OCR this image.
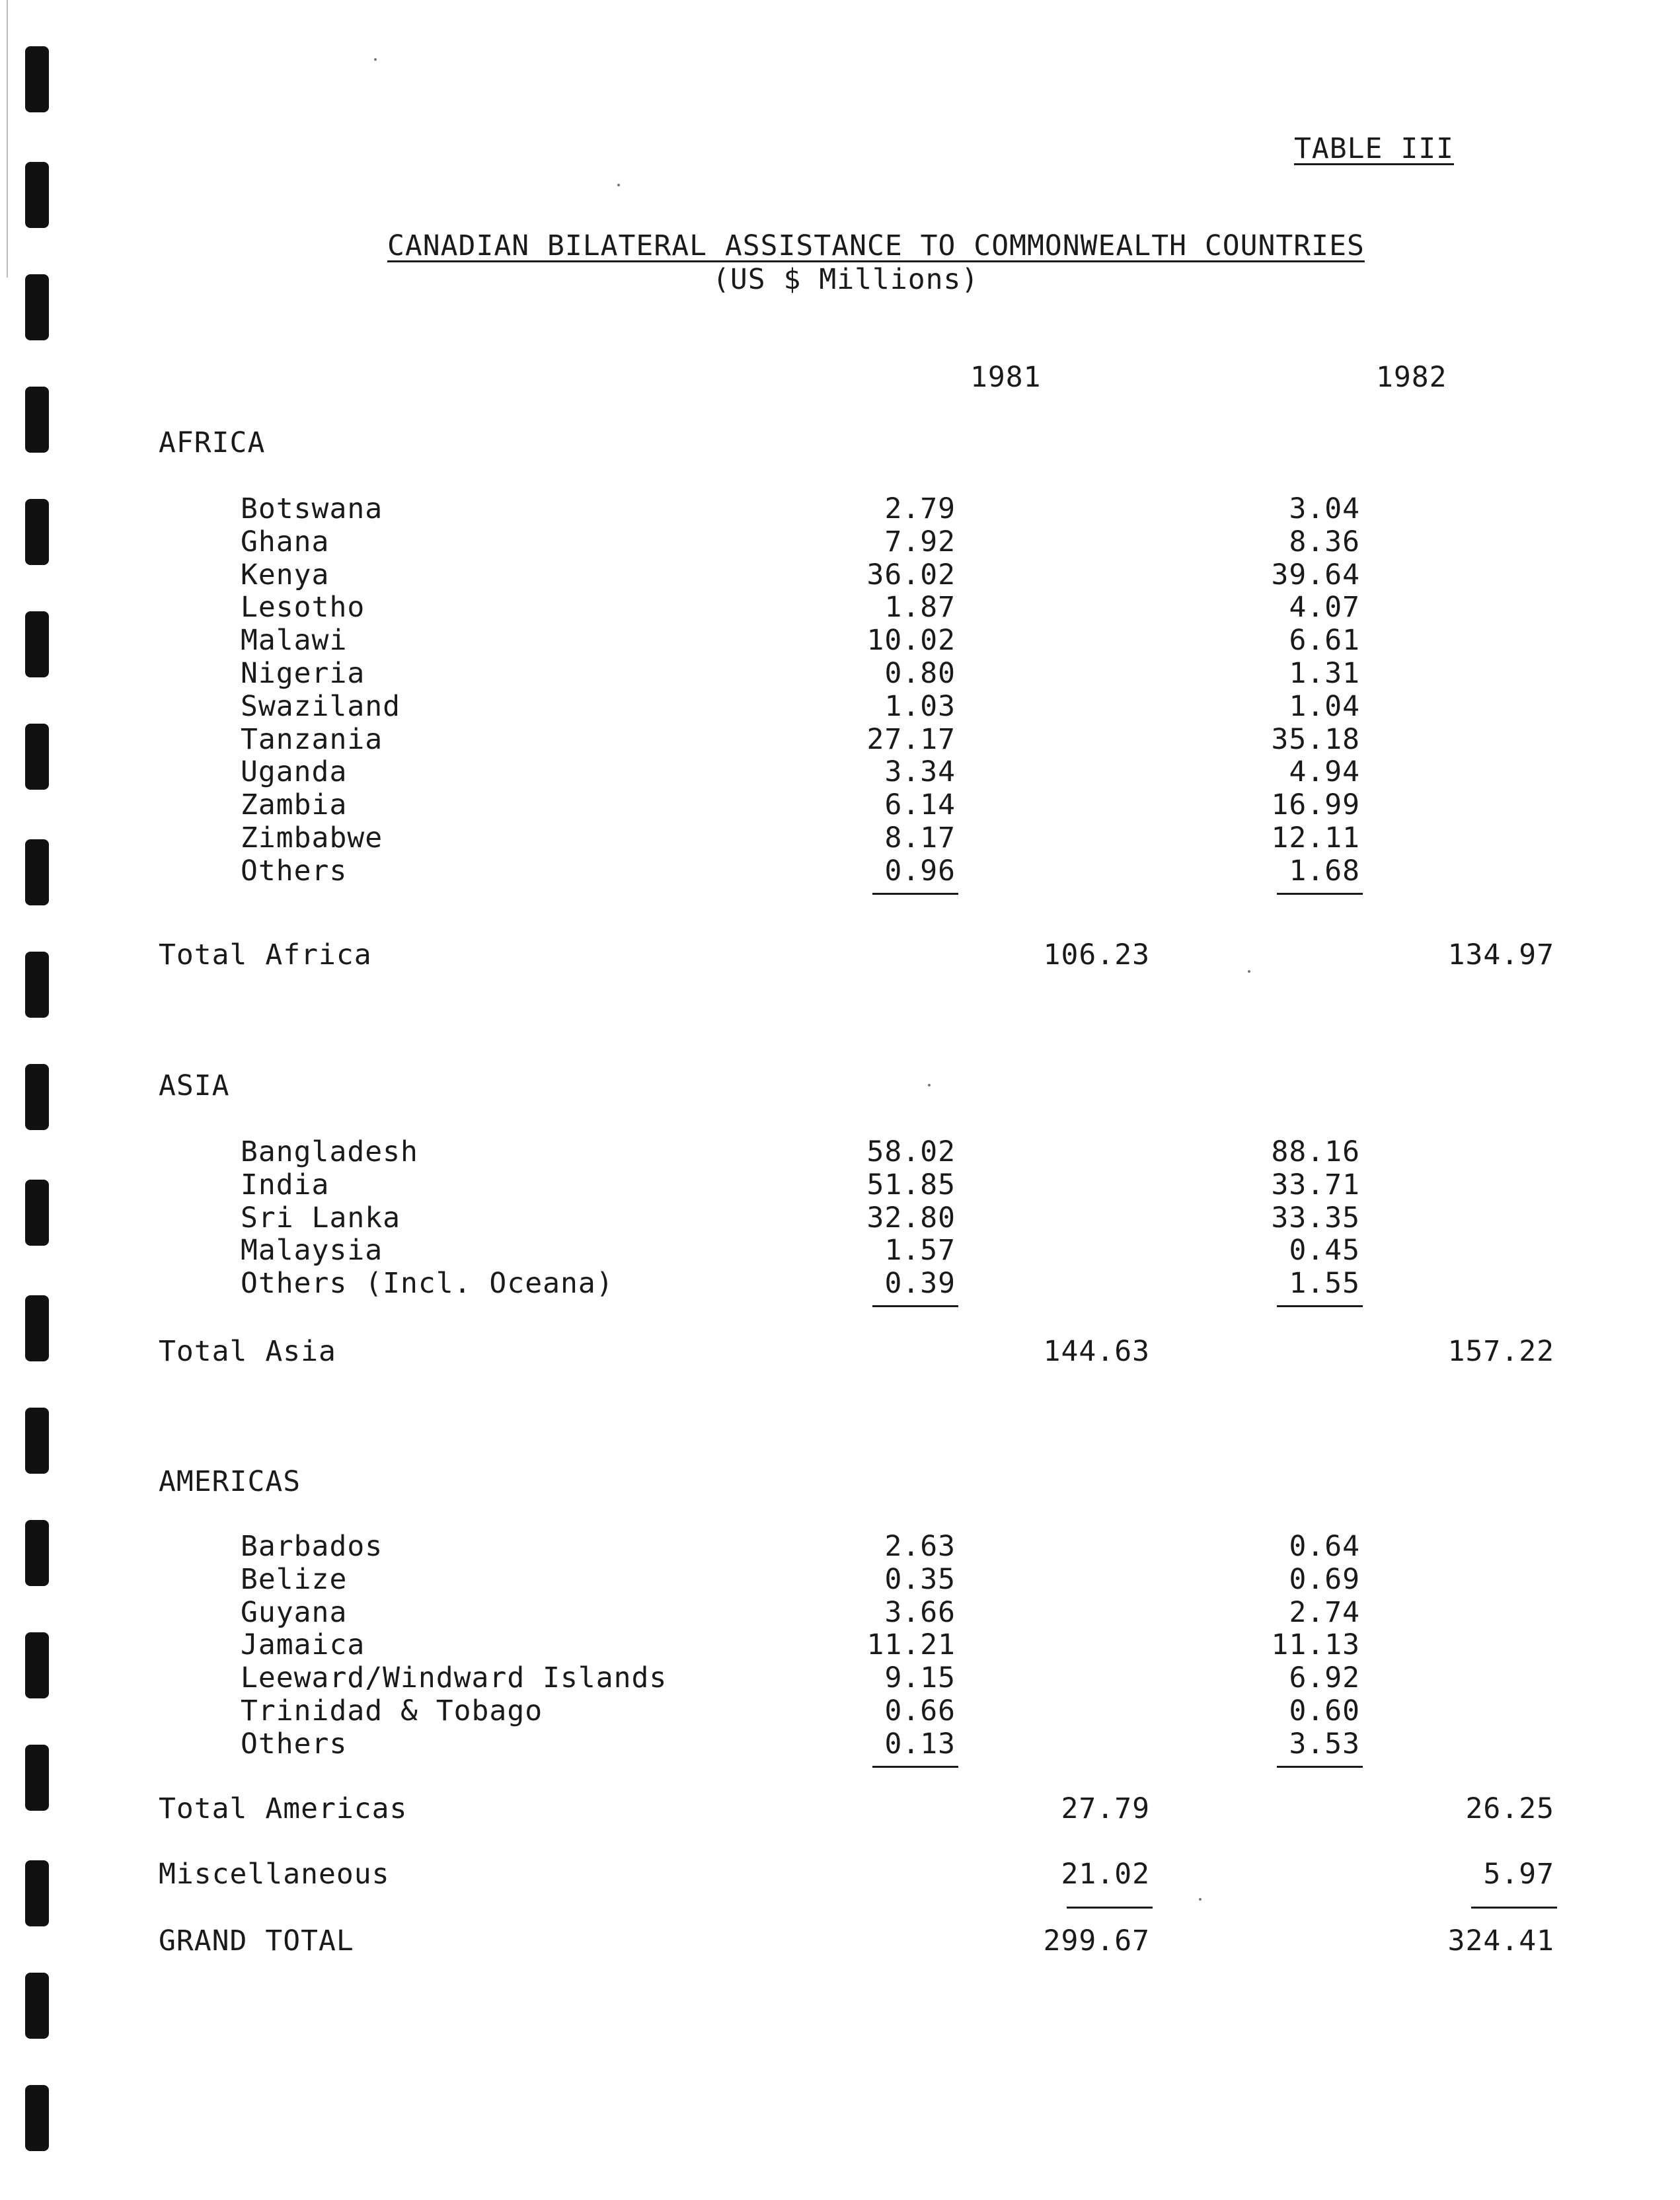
TABLE III
CANADIAN BILATERAL ASSISTANCE TO COMMONWEALTH COUNTRIES
(US $ Millions)
1981	1982
AFRICA
Botswana	2.79	3.04
Ghana	7.92	8.36
Kenya	36.02	39.64
Lesotho	1.87	4.07
Malawi	10.02	6.61
Nigeria	0.80	1.31
Swaziland	1.03	1.04
Tanzania	27.17	35.18
Uganda	3.34	4.94
Zambia	6.14	16.99
Zimbabwe	8.17	12.11
Others	0.96	1.68
Total Africa	106.23	134.97
ASIA
Bangladesh	58.02	88.16
India	51.85	33.71
Sri Lanka	32.80	33.35
Malaysia	1.57	0.45
Others (Incl. Oceana)	0.39	1.55
Total Asia	144.63	157.22
AMERICAS
Barbados	2.63	0.64
Belize	0.35	0.69
Guyana	3.66	2.74
Jamaica	11.21	11.13
Leeward/Windward Islands	9.15	6.92
Trinidad & Tobago	0.66	0.60
Others	0.13	3.53
Total Americas	27.79	26.25
Miscellaneous	21.02	5.97
GRAND TOTAL	299.67	324.41
